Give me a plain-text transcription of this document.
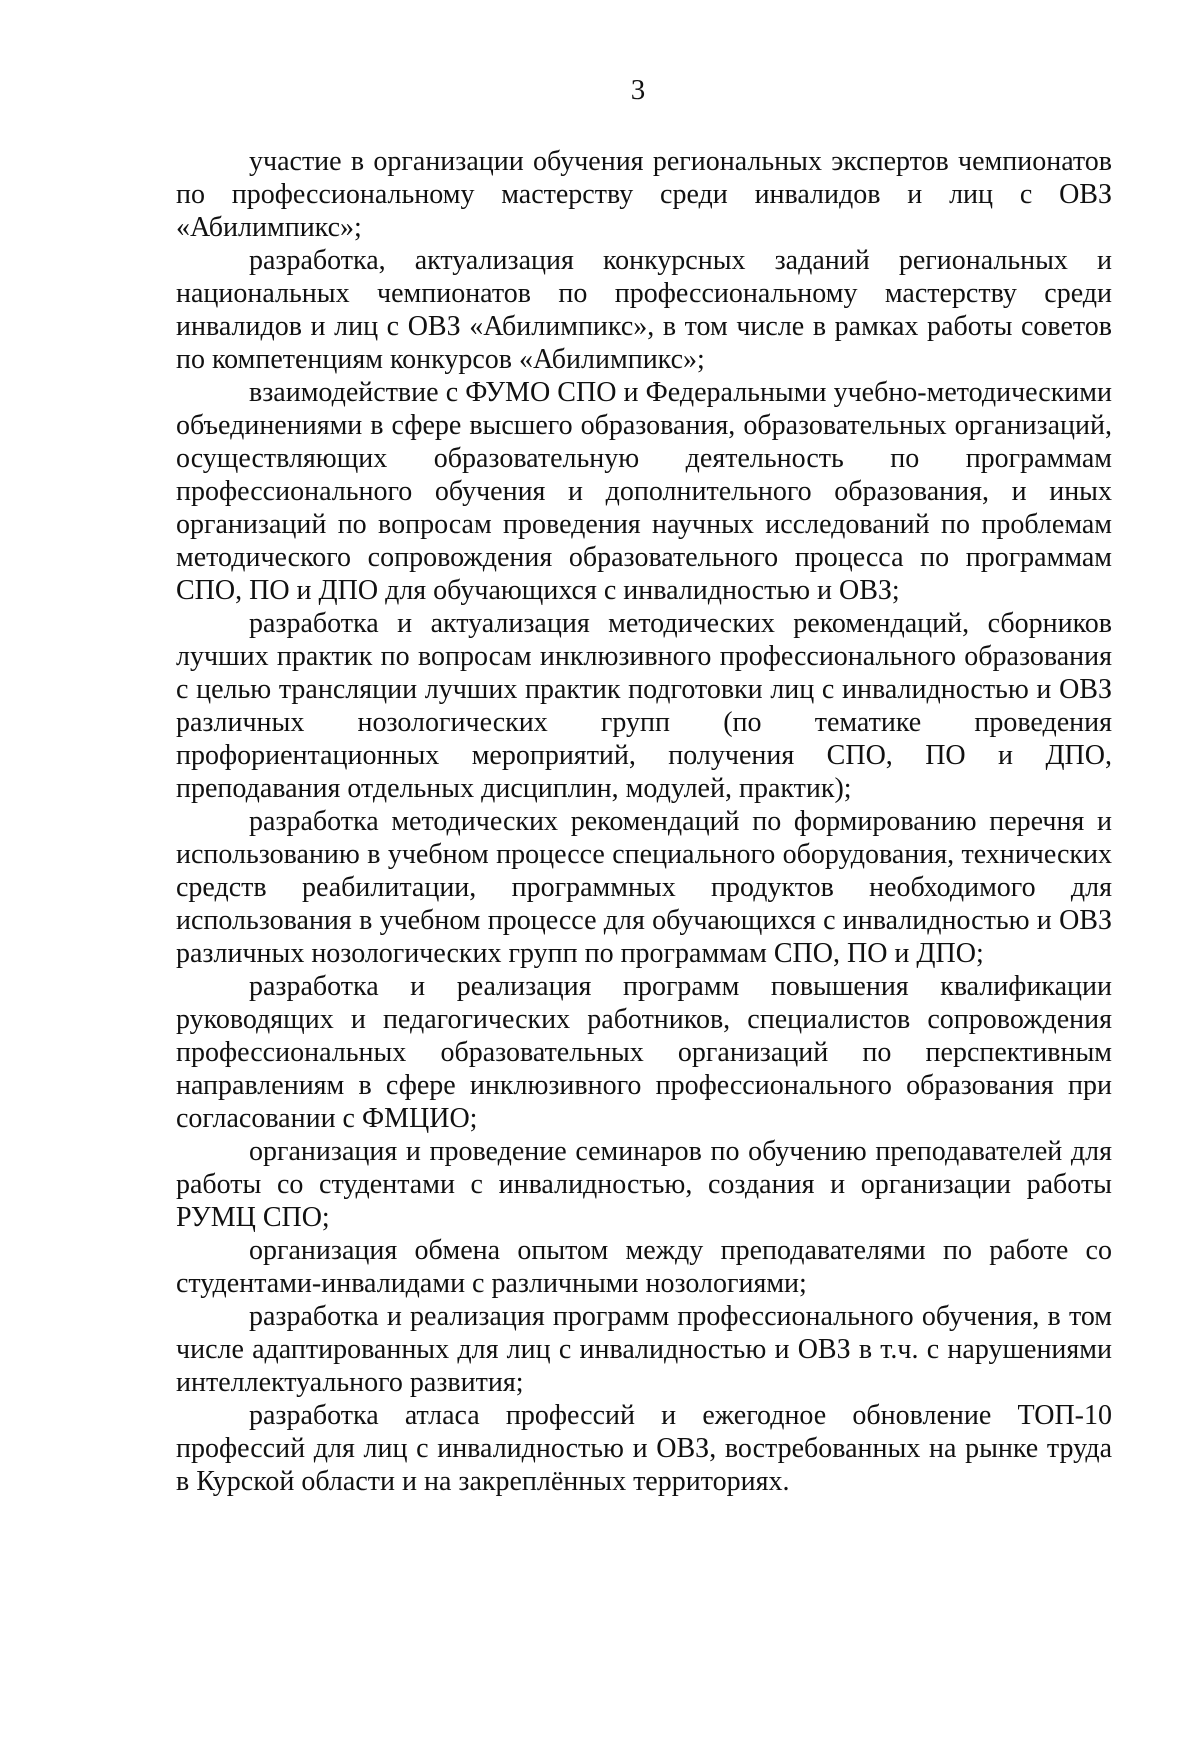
3

участие в организации обучения региональных экспертов чемпионатов по профессиональному мастерству среди инвалидов и лиц с ОВЗ «Абилимпикс»;

разработка, актуализация конкурсных заданий региональных и национальных чемпионатов по профессиональному мастерству среди инвалидов и лиц с ОВЗ «Абилимпикс», в том числе в рамках работы советов по компетенциям конкурсов «Абилимпикс»;

взаимодействие с ФУМО СПО и Федеральными учебно-методическими объединениями в сфере высшего образования, образовательных организаций, осуществляющих образовательную деятельность по программам профессионального обучения и дополнительного образования, и иных организаций по вопросам проведения научных исследований по проблемам методического сопровождения образовательного процесса по программам СПО, ПО и ДПО для обучающихся с инвалидностью и ОВЗ;

разработка и актуализация методических рекомендаций, сборников лучших практик по вопросам инклюзивного профессионального образования с целью трансляции лучших практик подготовки лиц с инвалидностью и ОВЗ различных нозологических групп (по тематике проведения профориентационных мероприятий, получения СПО, ПО и ДПО, преподавания отдельных дисциплин, модулей, практик);

разработка методических рекомендаций по формированию перечня и использованию в учебном процессе специального оборудования, технических средств реабилитации, программных продуктов необходимого для использования в учебном процессе для обучающихся с инвалидностью и ОВЗ различных нозологических групп по программам СПО, ПО и ДПО;

разработка и реализация программ повышения квалификации руководящих и педагогических работников, специалистов сопровождения профессиональных образовательных организаций по перспективным направлениям в сфере инклюзивного профессионального образования при согласовании с ФМЦИО;

организация и проведение семинаров по обучению преподавателей для работы со студентами с инвалидностью, создания и организации работы РУМЦ СПО;

организация обмена опытом между преподавателями по работе со студентами-инвалидами с различными нозологиями;

разработка и реализация программ профессионального обучения, в том числе адаптированных для лиц с инвалидностью и ОВЗ в т.ч. с нарушениями интеллектуального развития;

разработка атласа профессий и ежегодное обновление ТОП-10 профессий для лиц с инвалидностью и ОВЗ, востребованных на рынке труда в Курской области и на закреплённых территориях.
